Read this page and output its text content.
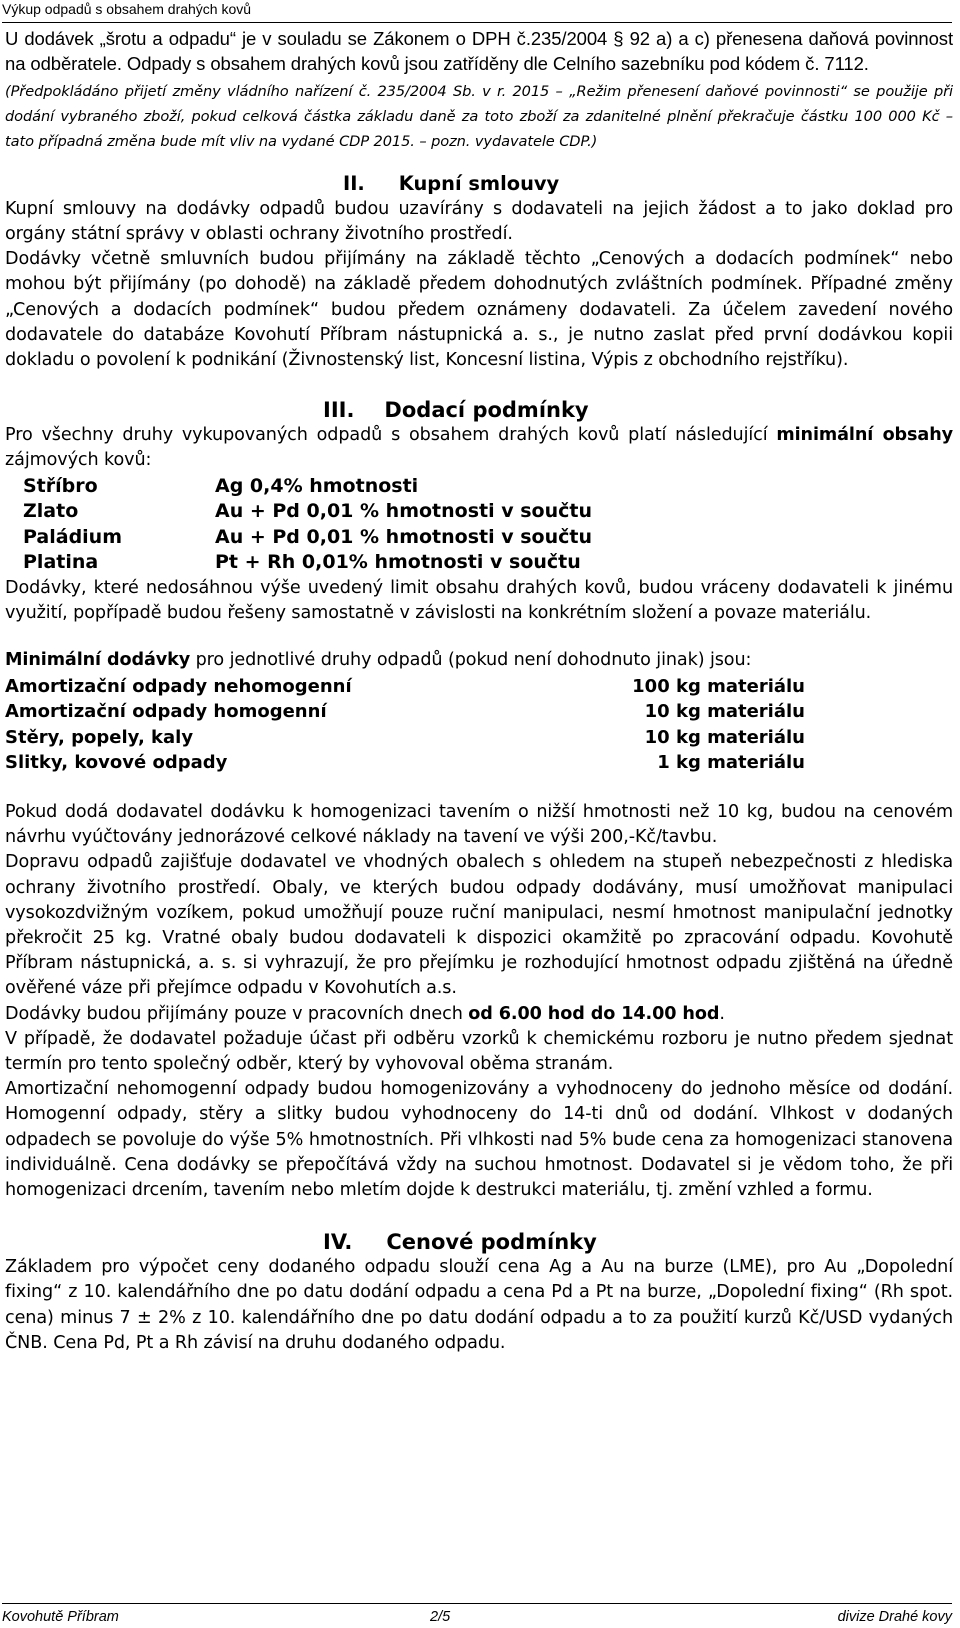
Výkup odpadů s obsahem drahých kovů

U dodávek „šrotu a odpadu“ je v souladu se Zákonem o DPH č.235/2004 § 92 a) a c) přenesena daňová povinnost na odběratele. Odpady s obsahem drahých kovů jsou zatříděny dle Celního sazebníku pod kódem č. 7112.

(Předpokládáno přijetí změny vládního nařízení č. 235/2004 Sb. v r. 2015 – „Režim přenesení daňové povinnosti“ se použije při dodání vybraného zboží, pokud celková částka základu daně za toto zboží za zdanitelné plnění překračuje částku 100 000 Kč – tato případná změna bude mít vliv na vydané CDP 2015. – pozn. vydavatele CDP.)

II. Kupní smlouvy

Kupní smlouvy na dodávky odpadů budou uzavírány s dodavateli na jejich žádost a to jako doklad pro orgány státní správy v oblasti ochrany životního prostředí.

Dodávky včetně smluvních budou přijímány na základě těchto „Cenových a dodacích podmínek“ nebo mohou být přijímány (po dohodě) na základě předem dohodnutých zvláštních podmínek. Případné změny „Cenových a dodacích podmínek“ budou předem oznámeny dodavateli. Za účelem zavedení nového dodavatele do databáze Kovohutí Příbram nástupnická a. s., je nutno zaslat před první dodávkou kopii dokladu o povolení k podnikání (Živnostenský list, Koncesní listina, Výpis z obchodního rejstříku).

III. Dodací podmínky

Pro všechny druhy vykupovaných odpadů s obsahem drahých kovů platí následující minimální obsahy zájmových kovů:

Stříbro	Ag 0,4% hmotnosti
Zlato	Au + Pd 0,01 % hmotnosti v součtu
Paládium	Au + Pd 0,01 % hmotnosti v součtu
Platina	Pt + Rh 0,01% hmotnosti v součtu

Dodávky, které nedosáhnou výše uvedený limit obsahu drahých kovů, budou vráceny dodavateli k jinému využití, popřípadě budou řešeny samostatně v závislosti na konkrétním složení a povaze materiálu.

Minimální dodávky pro jednotlivé druhy odpadů (pokud není dohodnuto jinak) jsou:

Amortizační odpady nehomogenní	100 kg materiálu
Amortizační odpady homogenní	10 kg materiálu
Stěry, popely, kaly	10 kg materiálu
Slitky, kovové odpady	1 kg materiálu

Pokud dodá dodavatel dodávku k homogenizaci tavením o nižší hmotnosti než 10 kg, budou na cenovém návrhu vyúčtovány jednorázové celkové náklady na tavení ve výši 200,-Kč/tavbu.

Dopravu odpadů zajišťuje dodavatel ve vhodných obalech s ohledem na stupeň nebezpečnosti z hlediska ochrany životního prostředí. Obaly, ve kterých budou odpady dodávány, musí umožňovat manipulaci vysokozdvižným vozíkem, pokud umožňují pouze ruční manipulaci, nesmí hmotnost manipulační jednotky překročit 25 kg. Vratné obaly budou dodavateli k dispozici okamžitě po zpracování odpadu. Kovohutě Příbram nástupnická, a. s. si vyhrazují, že pro přejímku je rozhodující hmotnost odpadu zjištěná na úředně ověřené váze při přejímce odpadu v Kovohutích a.s.

Dodávky budou přijímány pouze v pracovních dnech od 6.00 hod do 14.00 hod.

V případě, že dodavatel požaduje účast při odběru vzorků k chemickému rozboru je nutno předem sjednat termín pro tento společný odběr, který by vyhovoval oběma stranám.

Amortizační nehomogenní odpady budou homogenizovány a vyhodnoceny do jednoho měsíce od dodání. Homogenní odpady, stěry a slitky budou vyhodnoceny do 14-ti dnů od dodání. Vlhkost v dodaných odpadech se povoluje do výše 5% hmotnostních. Při vlhkosti nad 5% bude cena za homogenizaci stanovena individuálně. Cena dodávky se přepočítává vždy na suchou hmotnost. Dodavatel si je vědom toho, že při homogenizaci drcením, tavením nebo mletím dojde k destrukci materiálu, tj. změní vzhled a formu.

IV. Cenové podmínky

Základem pro výpočet ceny dodaného odpadu slouží cena Ag a Au na burze (LME), pro Au „Dopolední fixing“ z 10. kalendářního dne po datu dodání odpadu a cena Pd a Pt na burze, „Dopolední fixing“ (Rh spot. cena) minus 7 ± 2% z 10. kalendářního dne po datu dodání odpadu a to za použití kurzů Kč/USD vydaných ČNB. Cena Pd, Pt a Rh závisí na druhu dodaného odpadu.

Kovohutě Příbram	2/5	divize Drahé kovy
